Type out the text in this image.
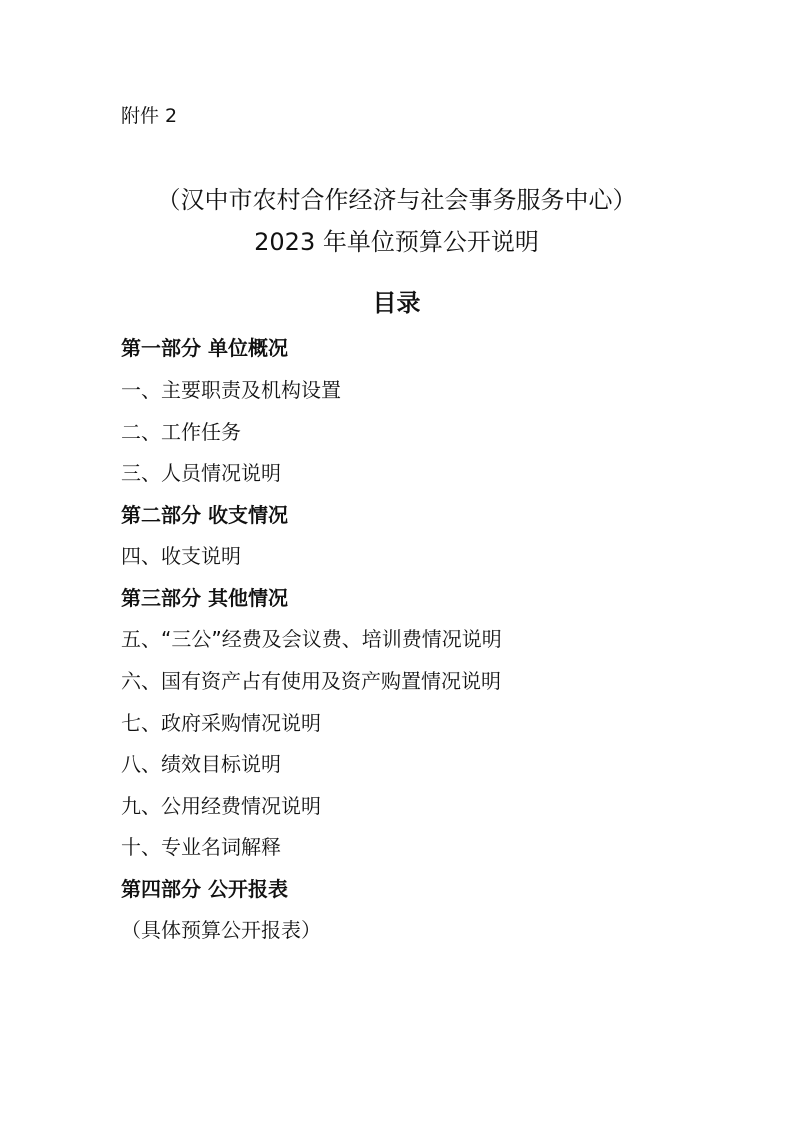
附件 2
（汉中市农村合作经济与社会事务服务中心）
2023 年单位预算公开说明
目录
第一部分 单位概况
一、主要职责及机构设置
二、工作任务
三、人员情况说明
第二部分 收支情况
四、收支说明
第三部分 其他情况
五、“三公”经费及会议费、培训费情况说明
六、国有资产占有使用及资产购置情况说明
七、政府采购情况说明
八、绩效目标说明
九、公用经费情况说明
十、专业名词解释
第四部分 公开报表
（具体预算公开报表）
